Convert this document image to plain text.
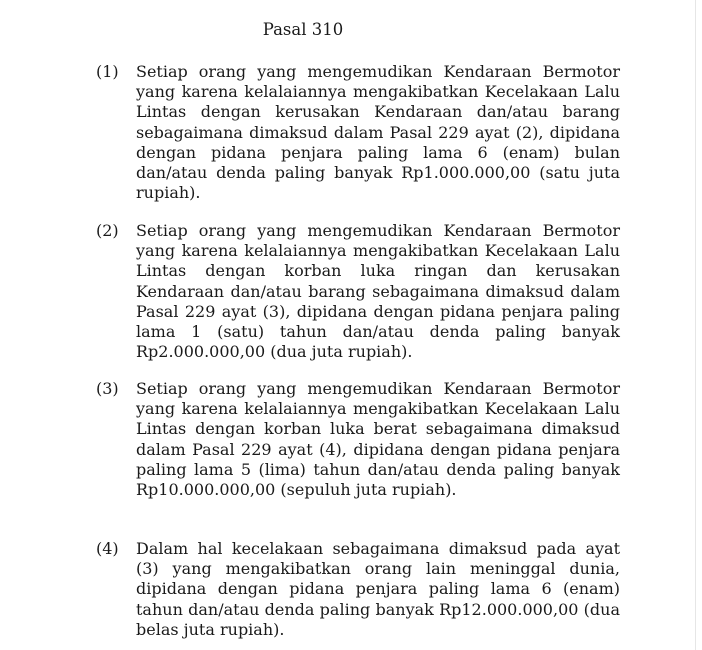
Pasal 310
(1)	Setiap orang yang mengemudikan Kendaraan Bermotor yang karena kelalaiannya mengakibatkan Kecelakaan Lalu Lintas dengan kerusakan Kendaraan dan/atau barang sebagaimana dimaksud dalam Pasal 229 ayat (2), dipidana dengan pidana penjara paling lama 6 (enam) bulan dan/atau denda paling banyak Rp1.000.000,00 (satu juta rupiah).
(2)	Setiap orang yang mengemudikan Kendaraan Bermotor yang karena kelalaiannya mengakibatkan Kecelakaan Lalu Lintas dengan korban luka ringan dan kerusakan Kendaraan dan/atau barang sebagaimana dimaksud dalam Pasal 229 ayat (3), dipidana dengan pidana penjara paling lama 1 (satu) tahun dan/atau denda paling banyak Rp2.000.000,00 (dua juta rupiah).
(3)	Setiap orang yang mengemudikan Kendaraan Bermotor yang karena kelalaiannya mengakibatkan Kecelakaan Lalu Lintas dengan korban luka berat sebagaimana dimaksud dalam Pasal 229 ayat (4), dipidana dengan pidana penjara paling lama 5 (lima) tahun dan/atau denda paling banyak Rp10.000.000,00 (sepuluh juta rupiah).
(4)	Dalam hal kecelakaan sebagaimana dimaksud pada ayat (3) yang mengakibatkan orang lain meninggal dunia, dipidana dengan pidana penjara paling lama 6 (enam) tahun dan/atau denda paling banyak Rp12.000.000,00 (dua belas juta rupiah).
